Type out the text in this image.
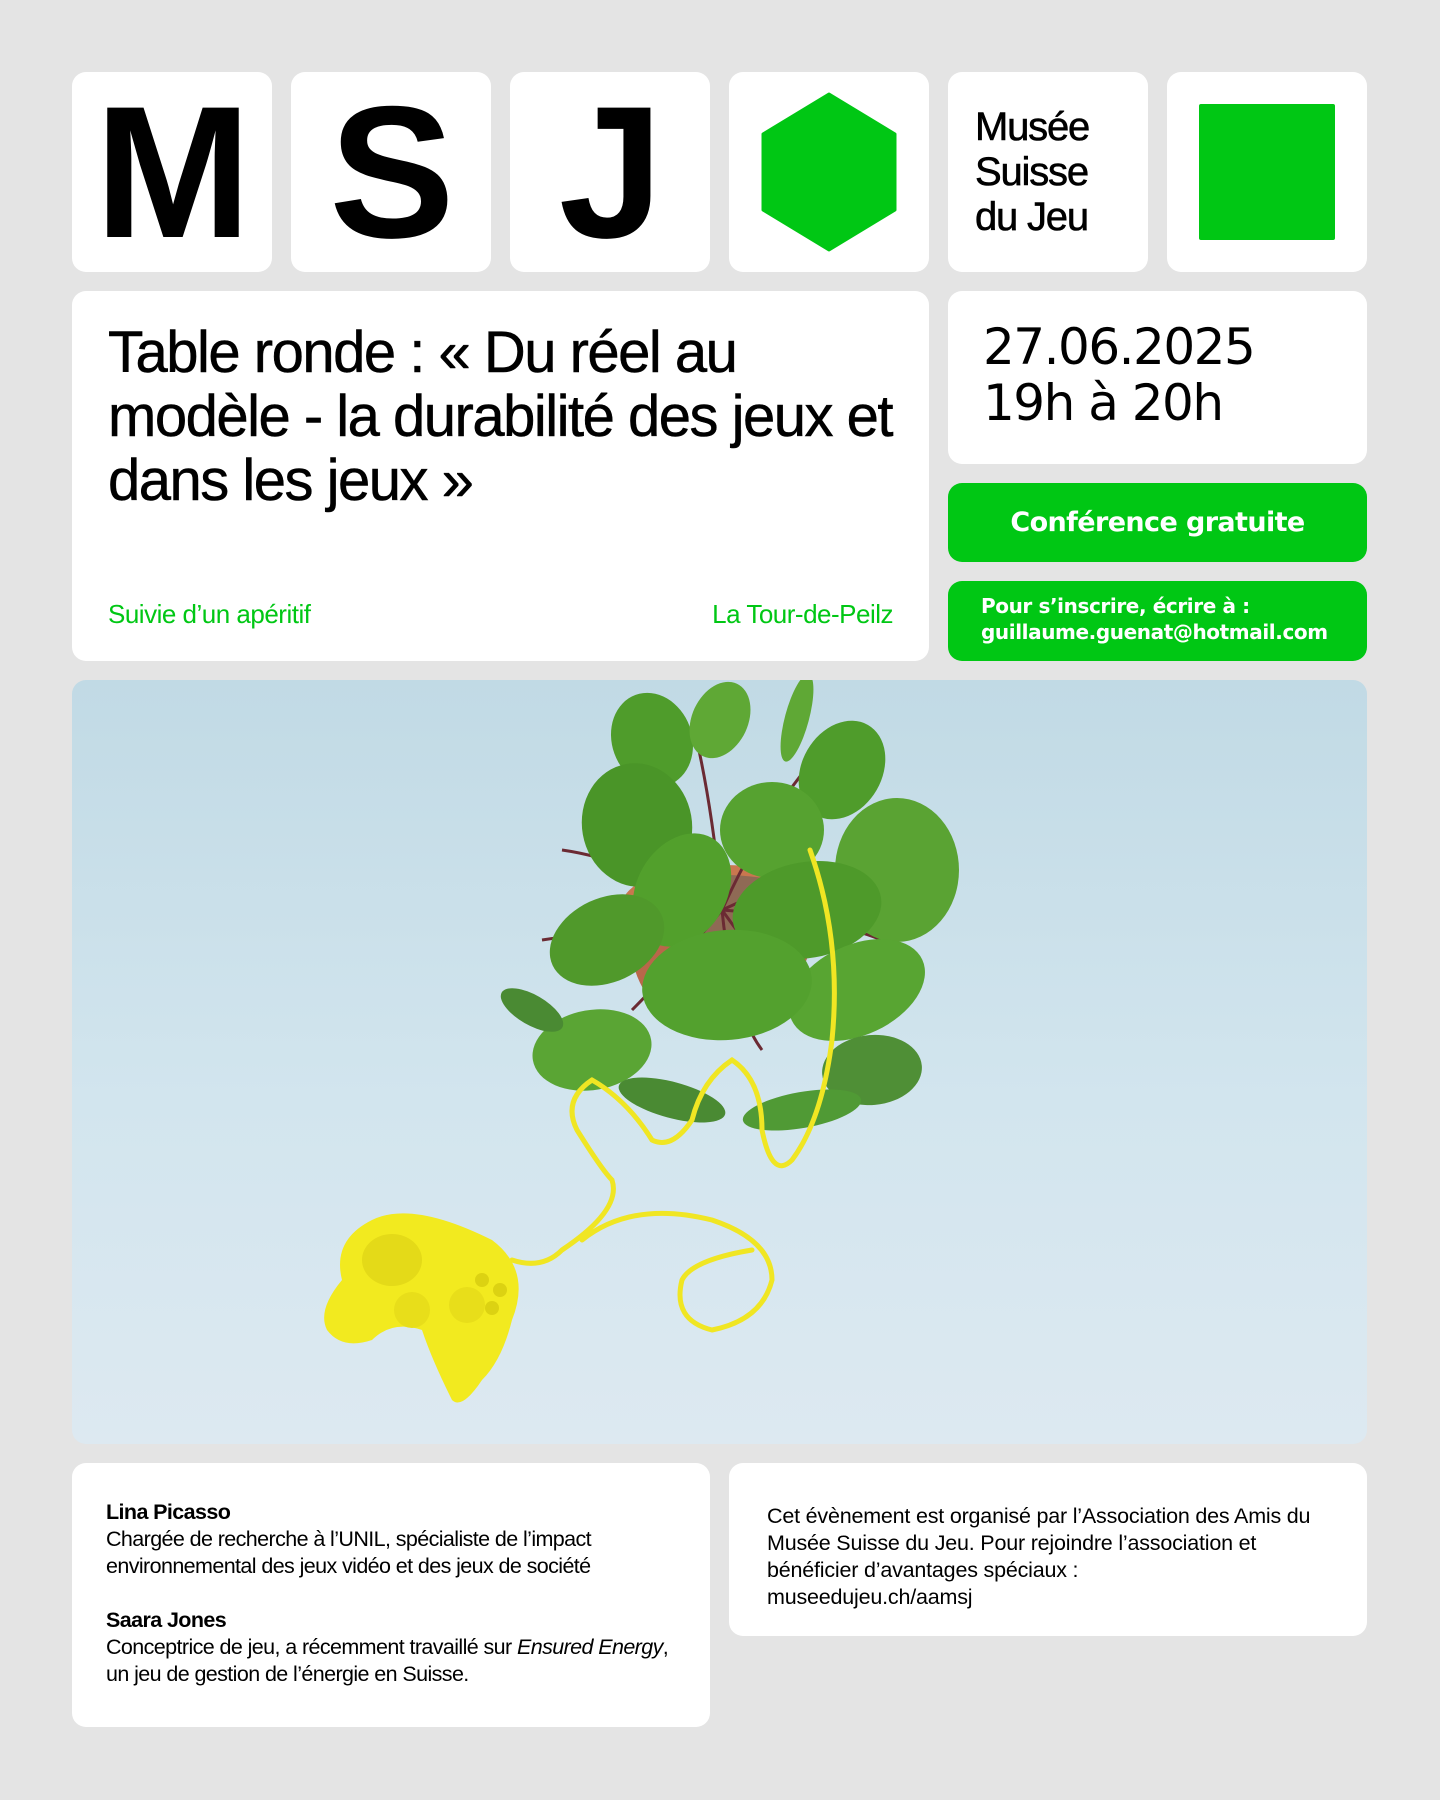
M S J	Musée
Suisse
du Jeu
Table ronde : « Du réel au modèle - la durabilité des jeux et dans les jeux »
Suivie d’un apéritif	La Tour-de-Peilz
27.06.2025
19h à 20h
Conférence gratuite
Pour s’inscrire, écrire à :
guillaume.guenat@hotmail.com
Lina Picasso
Chargée de recherche à l’UNIL, spécialiste de l’impact environnemental des jeux vidéo et des jeux de société
Saara Jones
Conceptrice de jeu, a récemment travaillé sur Ensured Energy, un jeu de gestion de l’énergie en Suisse.
Cet évènement est organisé par l’Association des Amis du Musée Suisse du Jeu. Pour rejoindre l’association et bénéficier d’avantages spéciaux :
museedujeu.ch/aamsj
